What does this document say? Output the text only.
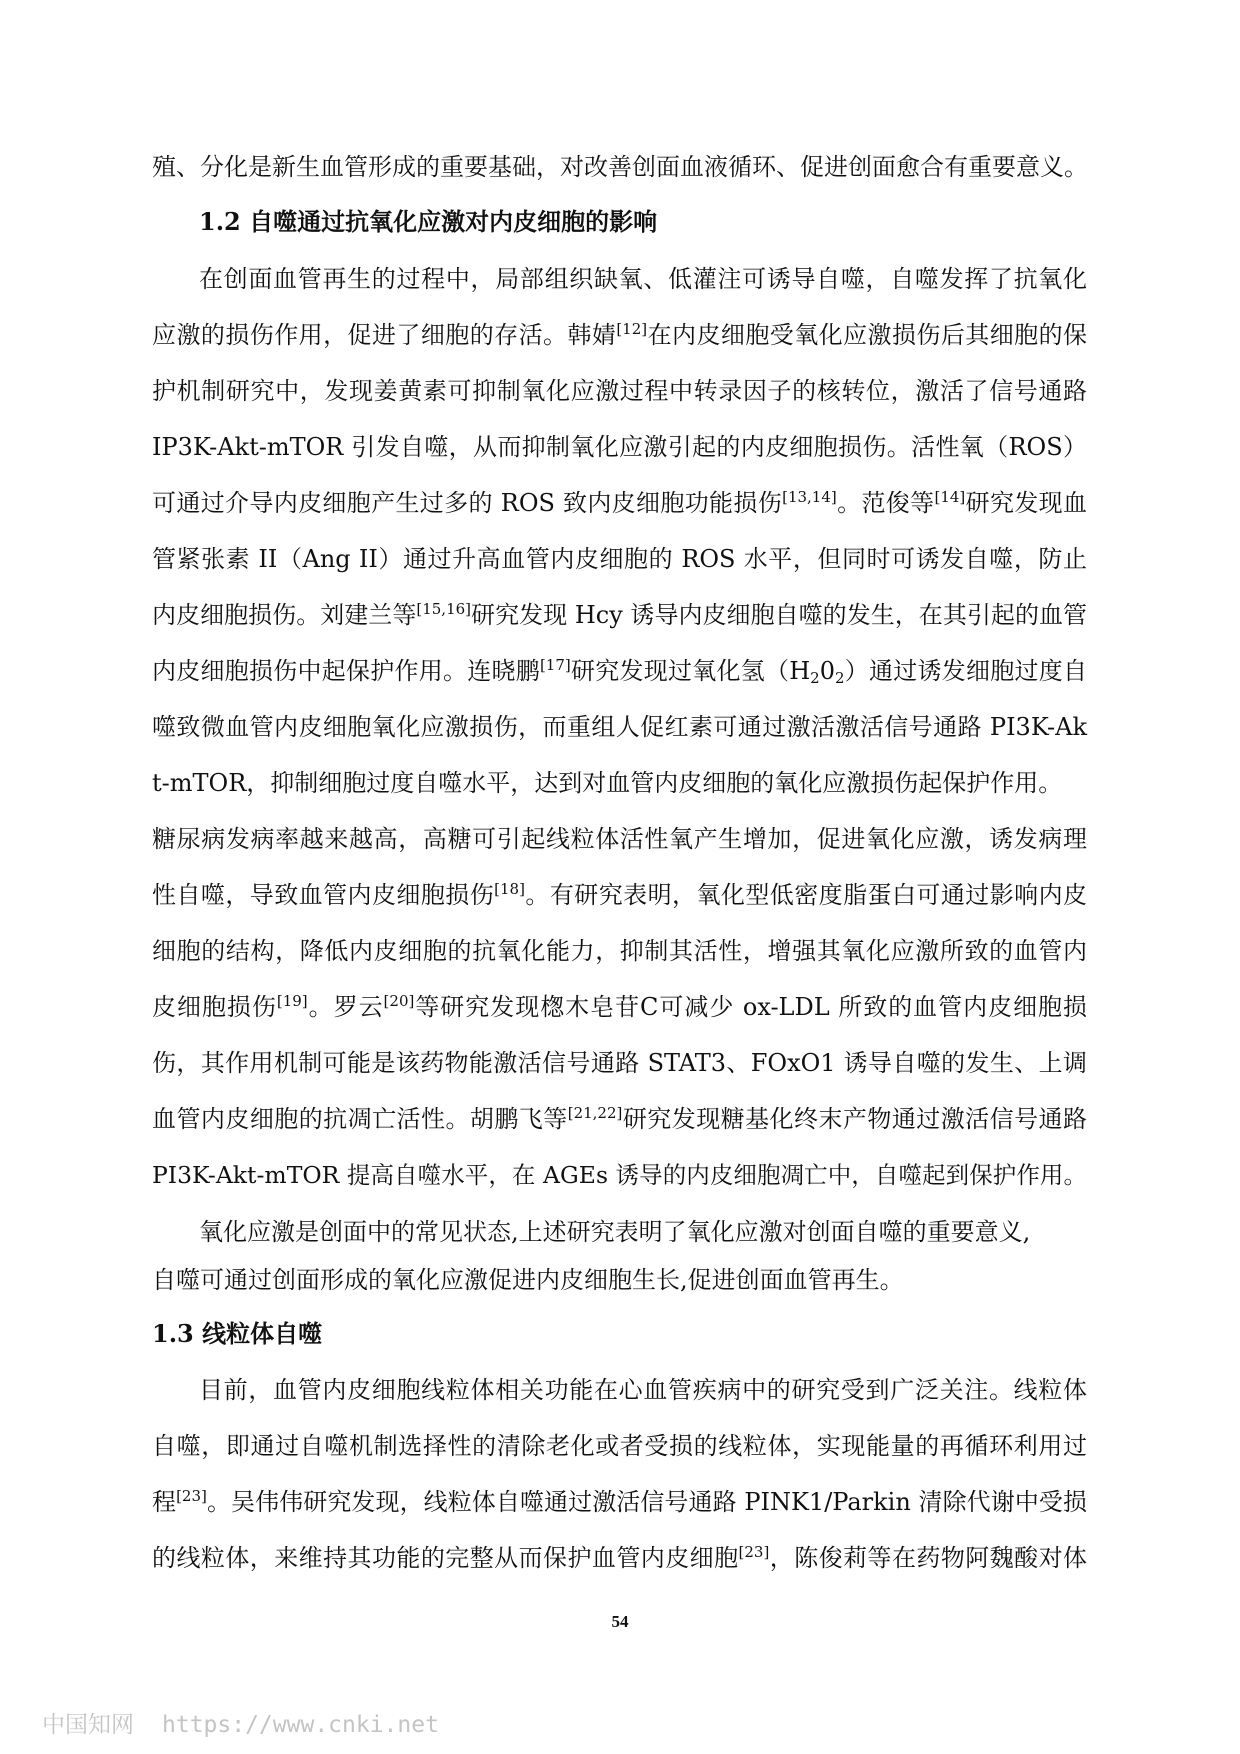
殖、分化是新生血管形成的重要基础，对改善创面血液循环、促进创面愈合有重要意义。
1.2 自噬通过抗氧化应激对内皮细胞的影响
在创面血管再生的过程中，局部组织缺氧、低灌注可诱导自噬，自噬发挥了抗氧化
应激的损伤作用，促进了细胞的存活。韩婧[12]在内皮细胞受氧化应激损伤后其细胞的保
护机制研究中，发现姜黄素可抑制氧化应激过程中转录因子的核转位，激活了信号通路
IP3K-Akt-mTOR 引发自噬，从而抑制氧化应激引起的内皮细胞损伤。活性氧（ROS）
可通过介导内皮细胞产生过多的 ROS 致内皮细胞功能损伤[13,14]。范俊等[14]研究发现血
管紧张素 II（Ang II）通过升高血管内皮细胞的 ROS 水平，但同时可诱发自噬，防止
内皮细胞损伤。刘建兰等[15,16]研究发现 Hcy 诱导内皮细胞自噬的发生，在其引起的血管
内皮细胞损伤中起保护作用。连晓鹏[17]研究发现过氧化氢$(H_20_2)$通过诱发细胞过度自
噬致微血管内皮细胞氧化应激损伤，而重组人促红素可通过激活激活信号通路 PI3K-Ak
t-mTOR，抑制细胞过度自噬水平，达到对血管内皮细胞的氧化应激损伤起保护作用。
糖尿病发病率越来越高，高糖可引起线粒体活性氧产生增加，促进氧化应激，诱发病理
性自噬，导致血管内皮细胞损伤[18]。有研究表明，氧化型低密度脂蛋白可通过影响内皮
细胞的结构，降低内皮细胞的抗氧化能力，抑制其活性，增强其氧化应激所致的血管内
皮细胞损伤[19]。罗云[20]等研究发现楤木皂苷C可减少 ox-LDL 所致的血管内皮细胞损
伤，其作用机制可能是该药物能激活信号通路 STAT3、FOxO1 诱导自噬的发生、上调
血管内皮细胞的抗凋亡活性。胡鹏飞等[21,22]研究发现糖基化终末产物通过激活信号通路
PI3K-Akt-mTOR 提高自噬水平，在 AGEs 诱导的内皮细胞凋亡中，自噬起到保护作用。
氧化应激是创面中的常见状态,上述研究表明了氧化应激对创面自噬的重要意义,
自噬可通过创面形成的氧化应激促进内皮细胞生长,促进创面血管再生。
1.3 线粒体自噬
目前，血管内皮细胞线粒体相关功能在心血管疾病中的研究受到广泛关注。线粒体
自噬，即通过自噬机制选择性的清除老化或者受损的线粒体，实现能量的再循环利用过
程[23]。吴伟伟研究发现，线粒体自噬通过激活信号通路 PINK1/Parkin 清除代谢中受损
的线粒体，来维持其功能的完整从而保护血管内皮细胞[23]，陈俊莉等在药物阿魏酸对体
54
中国知网 https://www.cnki.net
